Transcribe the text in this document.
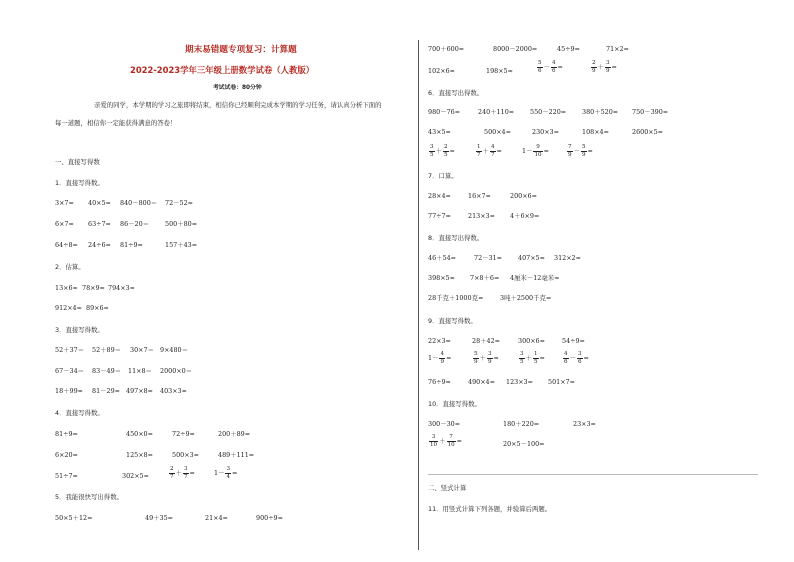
期末易错题专项复习：计算题
2022-2023学年三年级上册数学试卷（人教版）
考试试卷：80分钟
亲爱的同学，本学期的学习之旅即将结束，相信你已经顺利完成本学期的学习任务，请认真分析下面的
每一道题，相信你一定能获得满意的答卷！
一、直接写得数
1．直接写得数。
3×7= 40×5= 840－800＝ 72－52=
6×7= 63÷7= 86－20＝ 500＋80=
64÷8= 24÷6= 81÷9=	157＋43=
2．估算。
13×6≈ 78×9≈ 794×3≈
912×4≈ 89×6≈
3．直接写得数。
52＋37＝ 52＋89＝ 30×7＝ 9×480＝
67－34＝ 83－49＝ 11×8＝ 2000×0＝
18＋99≈ 81－29≈ 497×8≈ 403×3≈
4．直接写得数。
81÷9=	450×0=	72÷9=	200＋89=
6×20=	125×8=	500×3=	489＋111=
51÷7=	302×5≈	$\frac{2}{7} + \frac{3}{7}$ =	$1- \frac{3}{4}$ =
5．我能很快写出得数。
50×5＋12=	49＋35=	21×4=	900÷9=
700＋600=	8000－2000=	45÷9=	71×2=
102×6≈	198×5≈	$\frac{5}{6} - \frac{4}{6}$ =	$\frac{2}{9} + \frac{3}{9}$ =
6．直接写出得数。
980－76=	240＋110= 550－220= 380＋520= 750－390=
43×5=	500×4=	230×3=	108×4=	2600×5=
$\frac{3}{5} + \frac{2}{5}$ =	$\frac{1}{7} + \frac{4}{7}$ =	$1- \frac{9}{10}$ =	$\frac{7}{9} - \frac{5}{9}$ =
7．口算。
28×4=	16×7=	200×6=
77÷7=	213×3= 4＋6×9=
8．直接写出得数。
46＋54=	72－31= 407×5≈ 312×2≈
398×5≈ 7×8＋6= 4厘米－12毫米=
28千克＋1000克=	3吨＋2500千克=
9．直接写得数。
22×3=	28＋42=	300×6=	54÷9=
$1- \frac{4}{9}$ =	$\frac{5}{9} + \frac{3}{9}$ =	$\frac{3}{5} + \frac{1}{5}$ =	$\frac{4}{6} - \frac{3}{6}$ =
76÷9=	490×4= 123×3= 501×7=
10．直接写得数。
300－30=	180＋220=	23×3=
$\frac{3}{10} + \frac{7}{10}$ =	20×5－100=
二、竖式计算
11．用竖式计算下列各题，并验算后两题。
